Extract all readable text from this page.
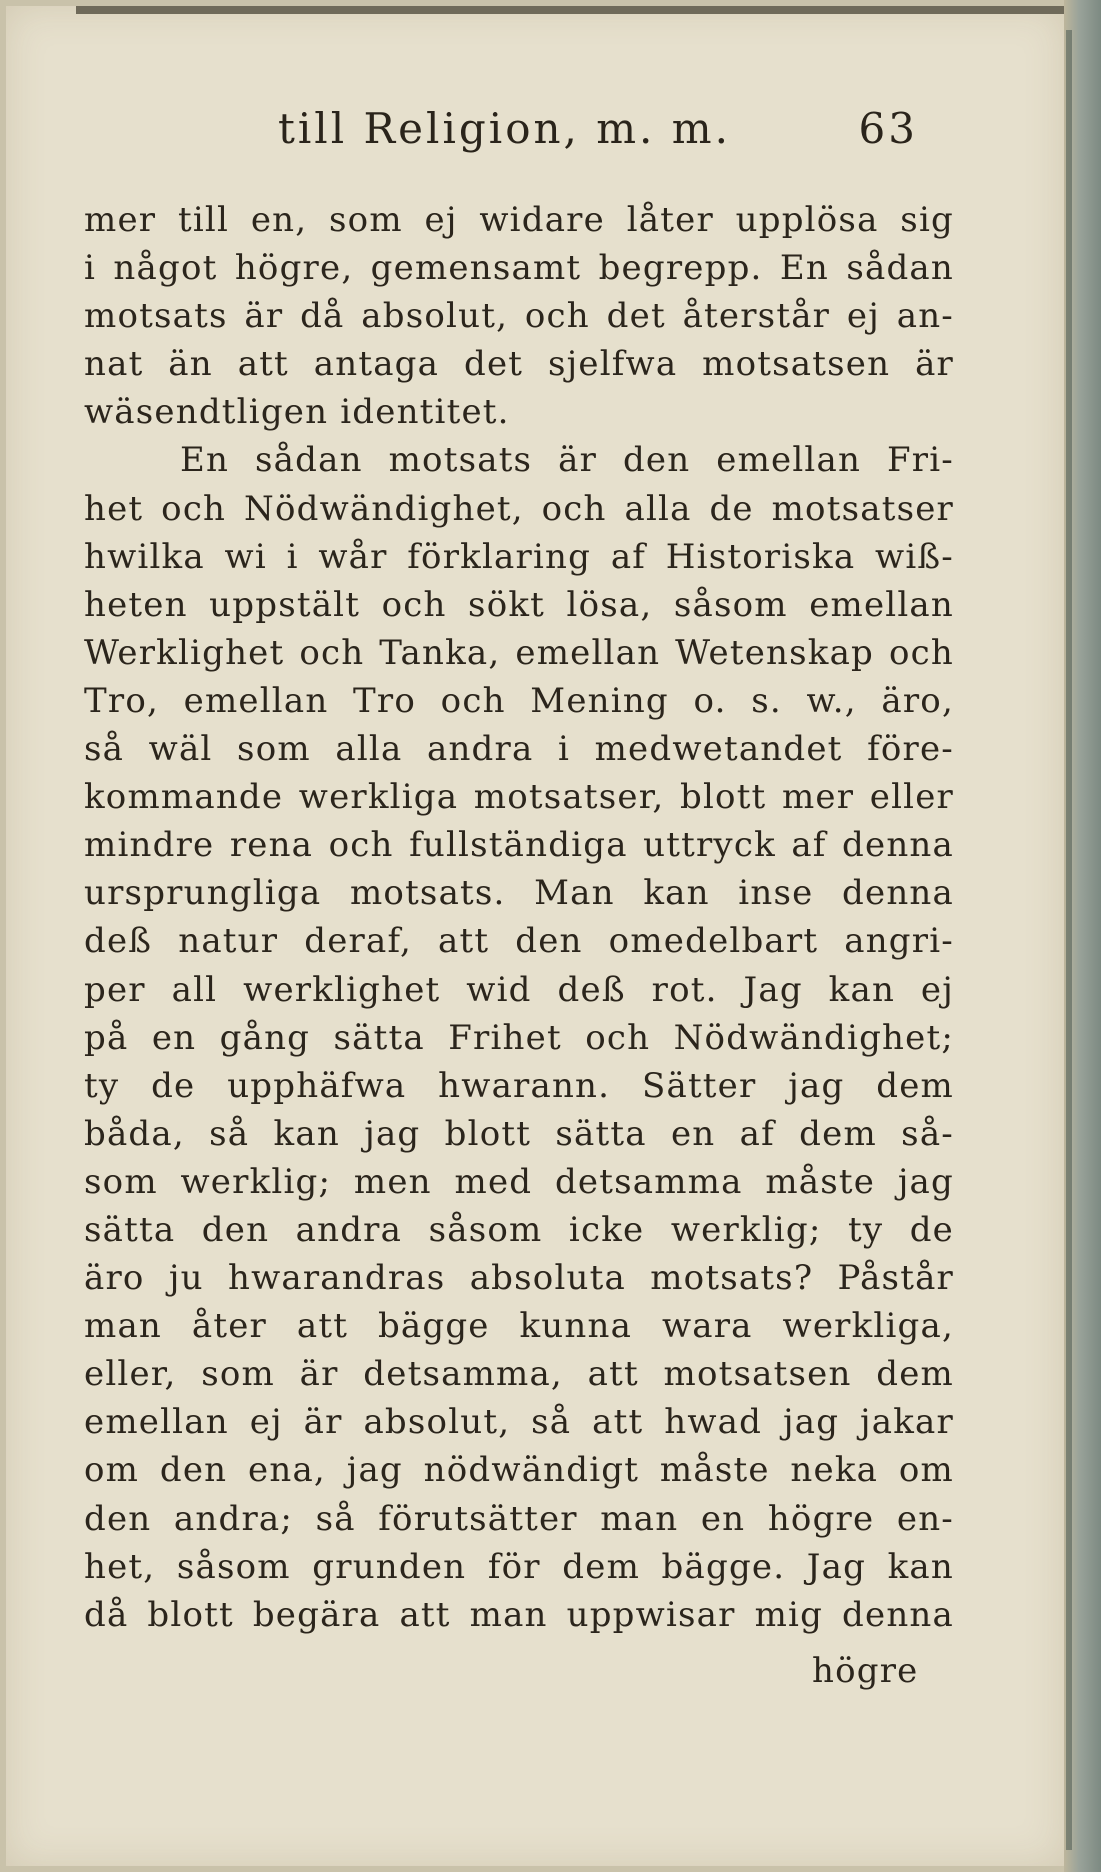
till Religion, m. m.	63
mer till en, som ej widare låter upplösa sig
i något högre, gemensamt begrepp. En sådan
motsats är då absolut, och det återstår ej an-
nat än att antaga det sjelfwa motsatsen är
wäsendtligen identitet.
En sådan motsats är den emellan Fri-
het och Nödwändighet, och alla de motsatser
hwilka wi i wår förklaring af Historiska wiß-
heten uppstält och sökt lösa, såsom emellan
Werklighet och Tanka, emellan Wetenskap och
Tro, emellan Tro och Mening o. s. w., äro,
så wäl som alla andra i medwetandet före-
kommande werkliga motsatser, blott mer eller
mindre rena och fullständiga uttryck af denna
ursprungliga motsats. Man kan inse denna
deß natur deraf, att den omedelbart angri-
per all werklighet wid deß rot. Jag kan ej
på en gång sätta Frihet och Nödwändighet;
ty de upphäfwa hwarann. Sätter jag dem
båda, så kan jag blott sätta en af dem så-
som werklig; men med detsamma måste jag
sätta den andra såsom icke werklig; ty de
äro ju hwarandras absoluta motsats? Påstår
man åter att bägge kunna wara werkliga,
eller, som är detsamma, att motsatsen dem
emellan ej är absolut, så att hwad jag jakar
om den ena, jag nödwändigt måste neka om
den andra; så förutsätter man en högre en-
het, såsom grunden för dem bägge. Jag kan
då blott begära att man uppwisar mig denna
högre
